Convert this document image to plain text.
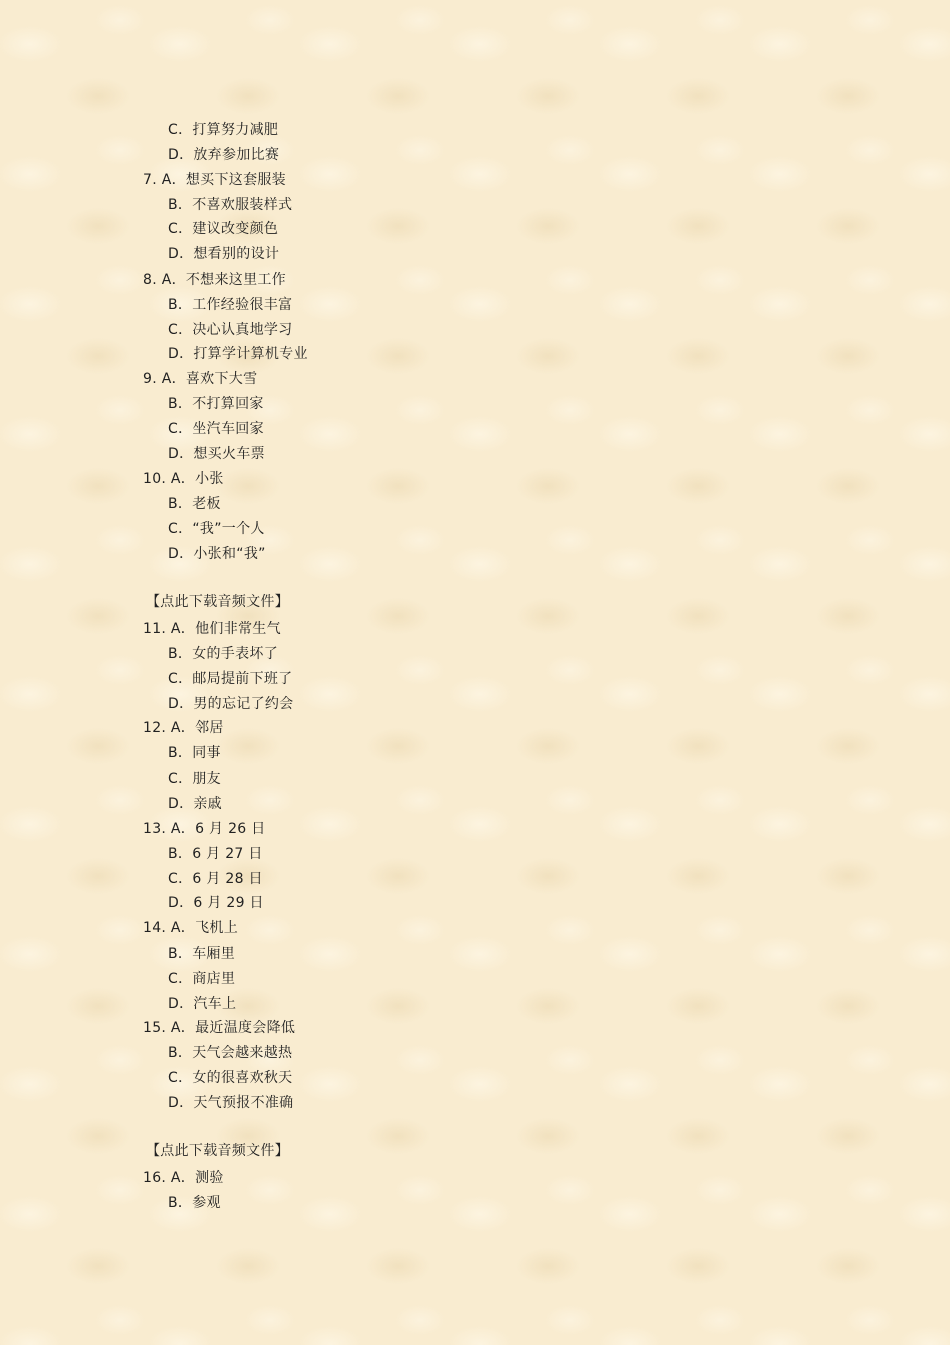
C．打算努力减肥
D．放弃参加比赛
7. A．想买下这套服装
B．不喜欢服装样式
C．建议改变颜色
D．想看别的设计
8. A．不想来这里工作
B．工作经验很丰富
C．决心认真地学习
D．打算学计算机专业
9. A．喜欢下大雪
B．不打算回家
C．坐汽车回家
D．想买火车票
10. A．小张
B．老板
C．“我”一个人
D．小张和“我”
【点此下载音频文件】
11. A．他们非常生气
B．女的手表坏了
C．邮局提前下班了
D．男的忘记了约会
12. A．邻居
B．同事
C．朋友
D．亲戚
13. A．6 月 26 日
B．6 月 27 日
C．6 月 28 日
D．6 月 29 日
14. A．飞机上
B．车厢里
C．商店里
D．汽车上
15. A．最近温度会降低
B．天气会越来越热
C．女的很喜欢秋天
D．天气预报不准确
【点此下载音频文件】
16. A．测验
B．参观
